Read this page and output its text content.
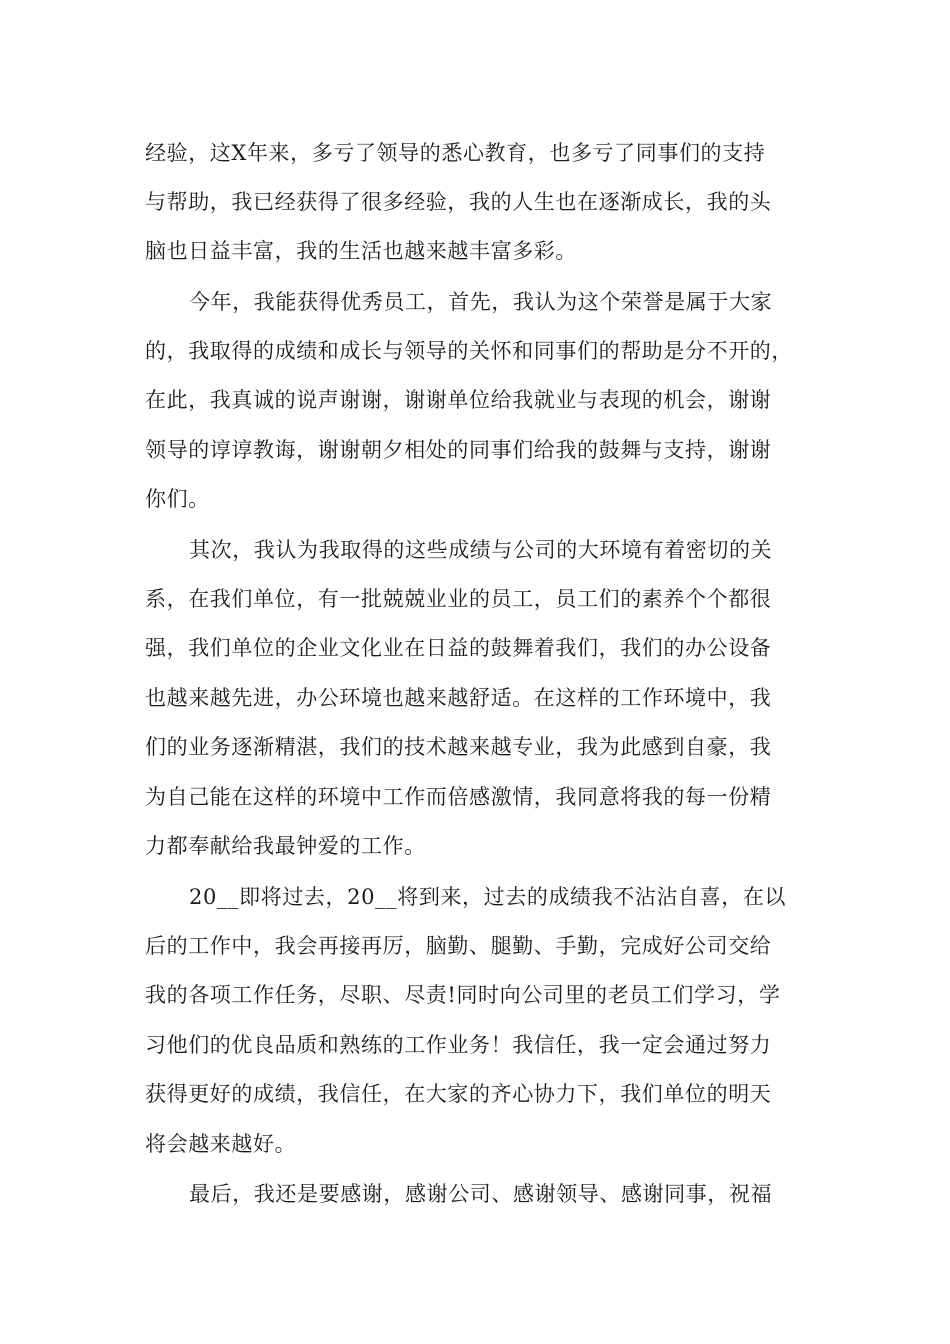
经验，这X年来，多亏了领导的悉心教育，也多亏了同事们的支持
与帮助，我已经获得了很多经验，我的人生也在逐渐成长，我的头
脑也日益丰富，我的生活也越来越丰富多彩。
今年，我能获得优秀员工，首先，我认为这个荣誉是属于大家
的，我取得的成绩和成长与领导的关怀和同事们的帮助是分不开的，
在此，我真诚的说声谢谢，谢谢单位给我就业与表现的机会，谢谢
领导的谆谆教诲，谢谢朝夕相处的同事们给我的鼓舞与支持，谢谢
你们。
其次，我认为我取得的这些成绩与公司的大环境有着密切的关
系，在我们单位，有一批兢兢业业的员工，员工们的素养个个都很
强，我们单位的企业文化业在日益的鼓舞着我们，我们的办公设备
也越来越先进，办公环境也越来越舒适。在这样的工作环境中，我
们的业务逐渐精湛，我们的技术越来越专业，我为此感到自豪，我
为自己能在这样的环境中工作而倍感激情，我同意将我的每一份精
力都奉献给我最钟爱的工作。
20__即将过去，20__将到来，过去的成绩我不沾沾自喜，在以
后的工作中，我会再接再厉，脑勤、腿勤、手勤，完成好公司交给
我的各项工作任务，尽职、尽责!同时向公司里的老员工们学习，学
习他们的优良品质和熟练的工作业务！我信任，我一定会通过努力
获得更好的成绩，我信任，在大家的齐心协力下，我们单位的明天
将会越来越好。
最后，我还是要感谢，感谢公司、感谢领导、感谢同事，祝福
